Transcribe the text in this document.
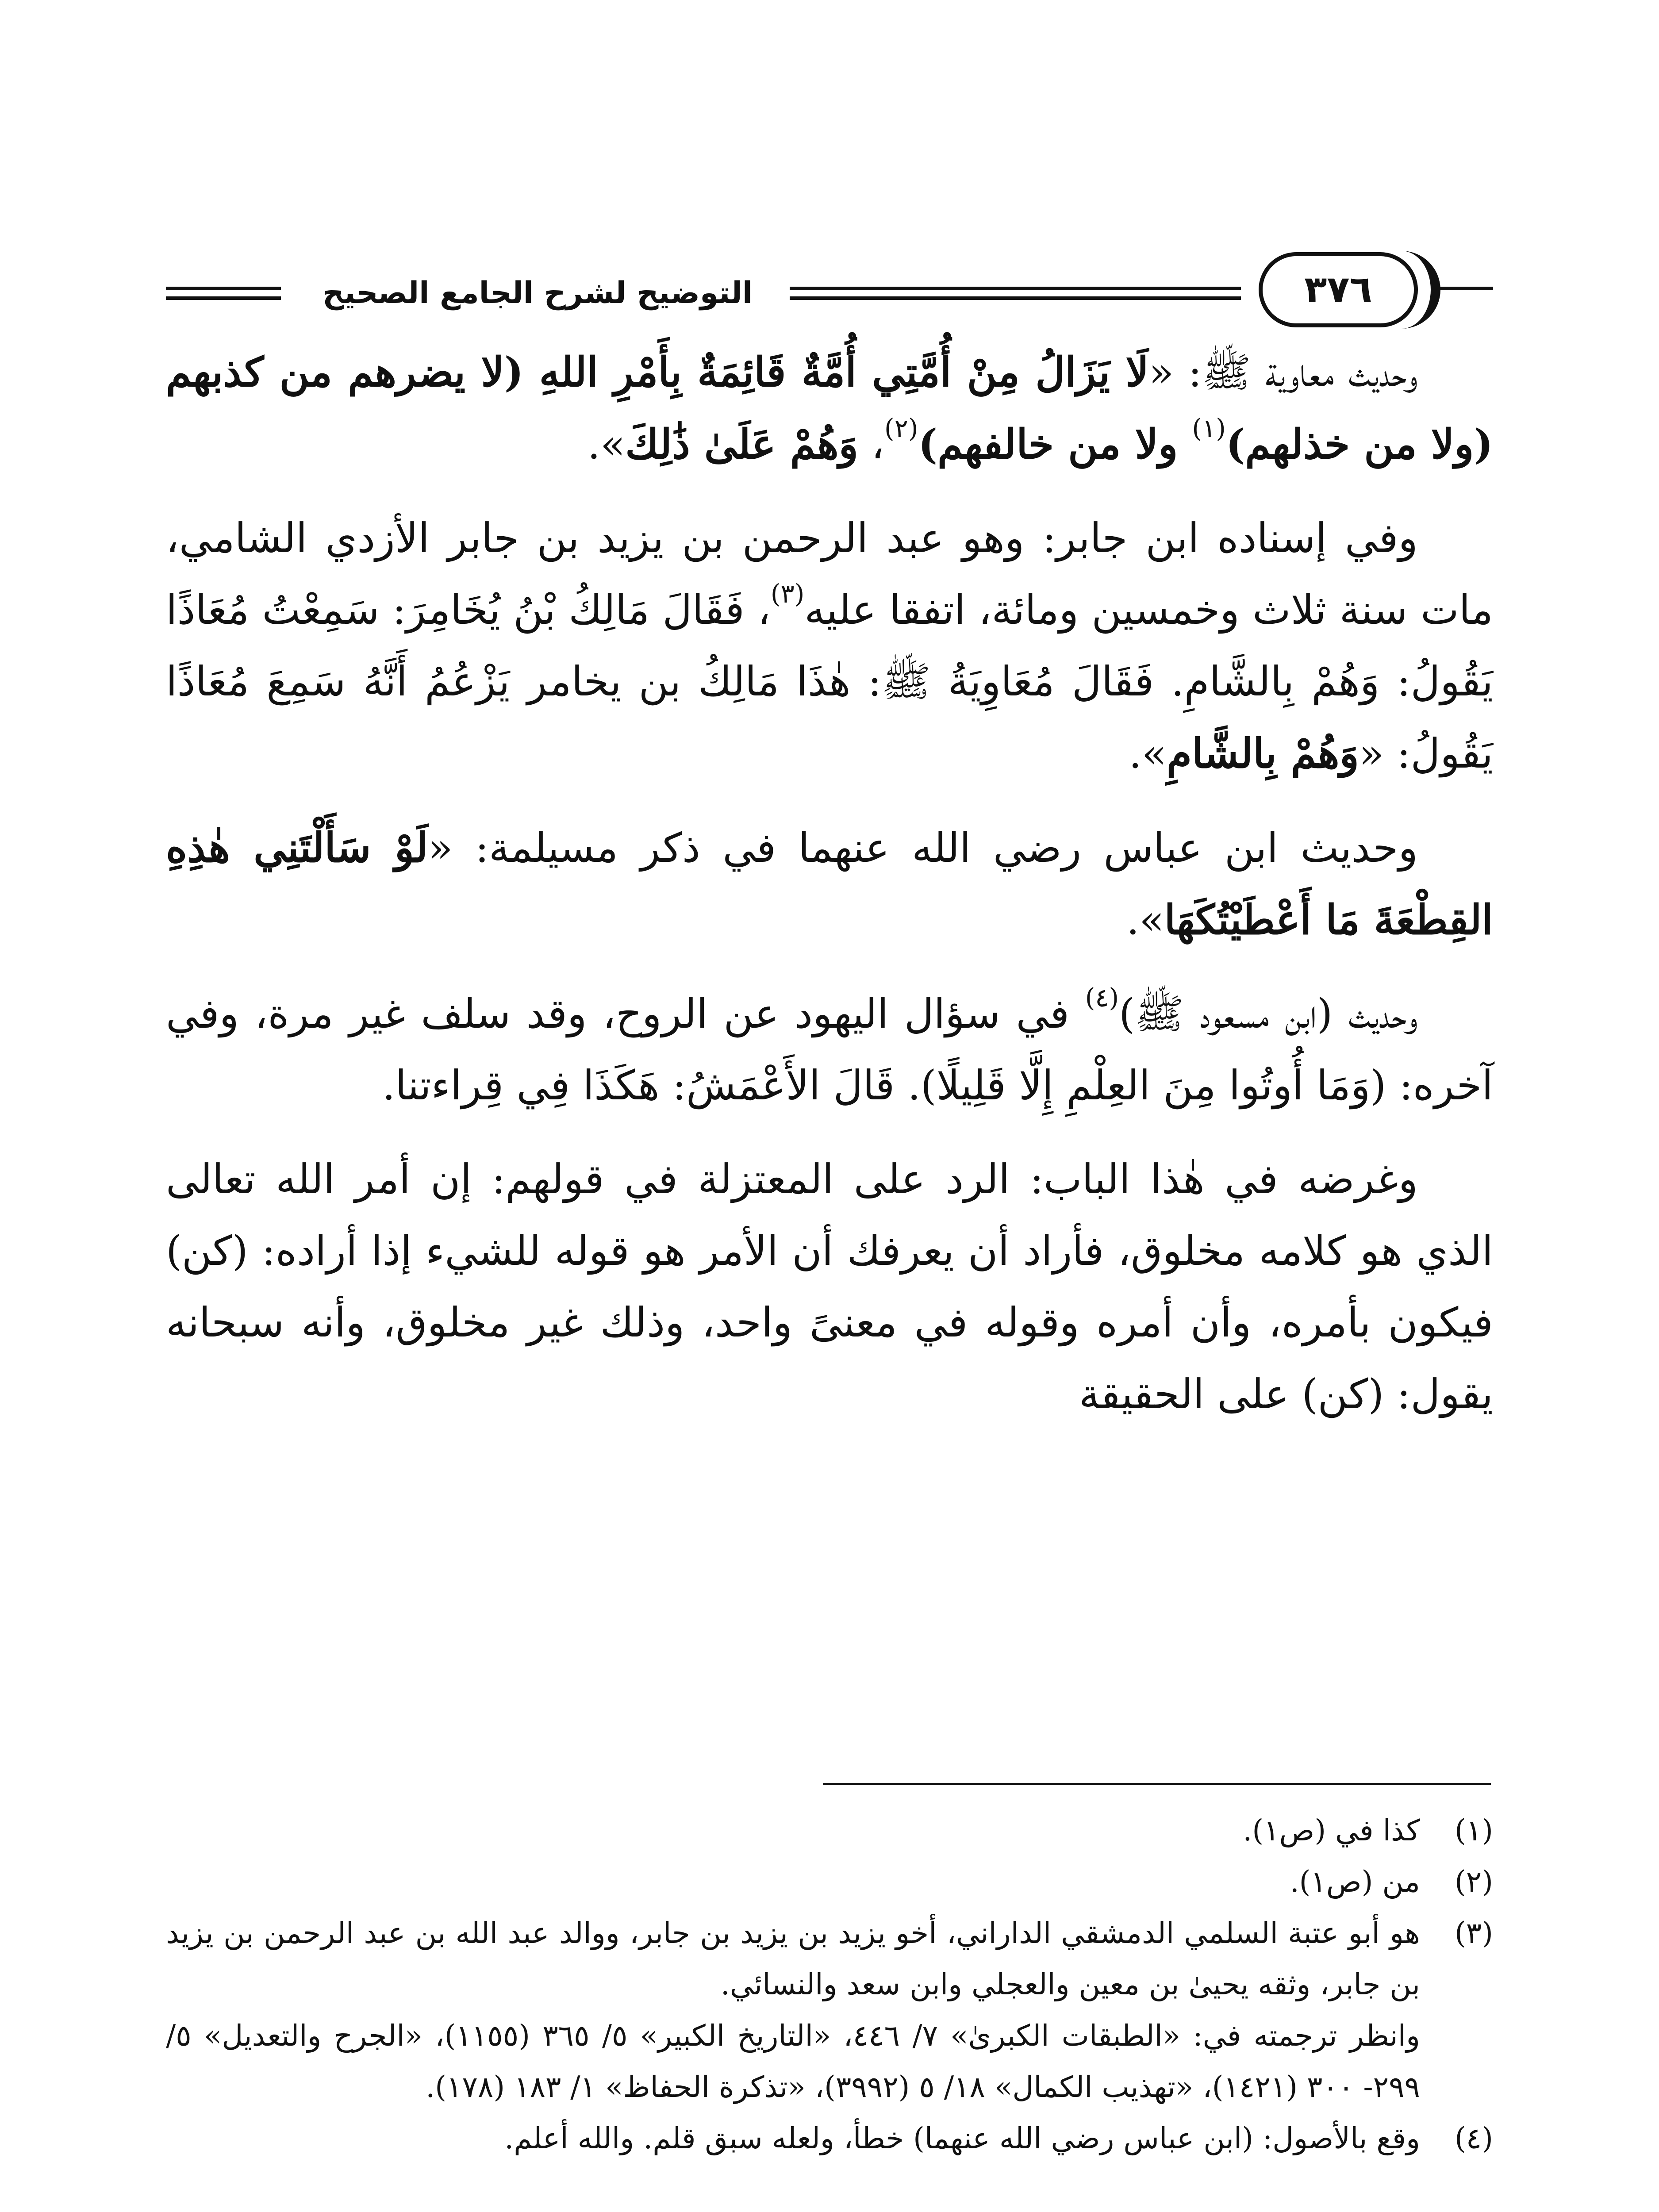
التوضيح لشرح الجامع الصحيح	٣٧٦

وحديث معاوية ﷺ: «لَا يَزَالُ مِنْ أُمَّتِي أُمَّةٌ قَائِمَةٌ بِأَمْرِ اللهِ (لا يضرهم من كذبهم (ولا من خذلهم)$^{(١)}$ ولا من خالفهم)$^{(٢)}$، وَهُمْ عَلَىٰ ذَٰلِكَ».

وفي إسناده ابن جابر: وهو عبد الرحمن بن يزيد بن جابر الأزدي الشامي، مات سنة ثلاث وخمسين ومائة، اتفقا عليه$^{(٣)}$، فَقَالَ مَالِكُ بْنُ يُخَامِرَ: سَمِعْتُ مُعَاذًا يَقُولُ: وَهُمْ بِالشَّامِ. فَقَالَ مُعَاوِيَةُ ﷺ: هٰذَا مَالِكُ بن يخامر يَزْعُمُ أَنَّهُ سَمِعَ مُعَاذًا يَقُولُ: «وَهُمْ بِالشَّامِ».

وحديث ابن عباس رضي الله عنهما في ذكر مسيلمة: «لَوْ سَأَلْتَنِي هٰذِهِ القِطْعَةَ مَا أَعْطَيْتُكَهَا».

وحديث (ابن مسعود ﷺ)$^{(٤)}$ في سؤال اليهود عن الروح، وقد سلف غير مرة، وفي آخره: (وَمَا أُوتُوا مِنَ العِلْمِ إِلَّا قَلِيلًا). قَالَ الأَعْمَشُ: هَكَذَا فِي قِراءتنا.

وغرضه في هٰذا الباب: الرد على المعتزلة في قولهم: إن أمر الله تعالى الذي هو كلامه مخلوق، فأراد أن يعرفك أن الأمر هو قوله للشيء إذا أراده: (كن) فيكون بأمره، وأن أمره وقوله في معنىً واحد، وذلك غير مخلوق، وأنه سبحانه يقول: (كن) على الحقيقة

(١)
كذا في (ص١).
(٢)
من (ص١).
(٣)
هو أبو عتبة السلمي الدمشقي الداراني، أخو يزيد بن يزيد بن جابر، ووالد عبد الله بن عبد الرحمن بن يزيد بن جابر، وثقه يحيىٰ بن معين والعجلي وابن سعد والنسائي.
وانظر ترجمته في: «الطبقات الكبرىٰ» ٧/ ٤٤٦، «التاريخ الكبير» ٥/ ٣٦٥ (١١٥٥)، «الجرح والتعديل» ٥/ ٢٩٩- ٣٠٠ (١٤٢١)، «تهذيب الكمال» ١٨/ ٥ (٣٩٩٢)، «تذكرة الحفاظ» ١/ ١٨٣ (١٧٨).
(٤)
وقع بالأصول: (ابن عباس رضي الله عنهما) خطأ، ولعله سبق قلم. والله أعلم.
